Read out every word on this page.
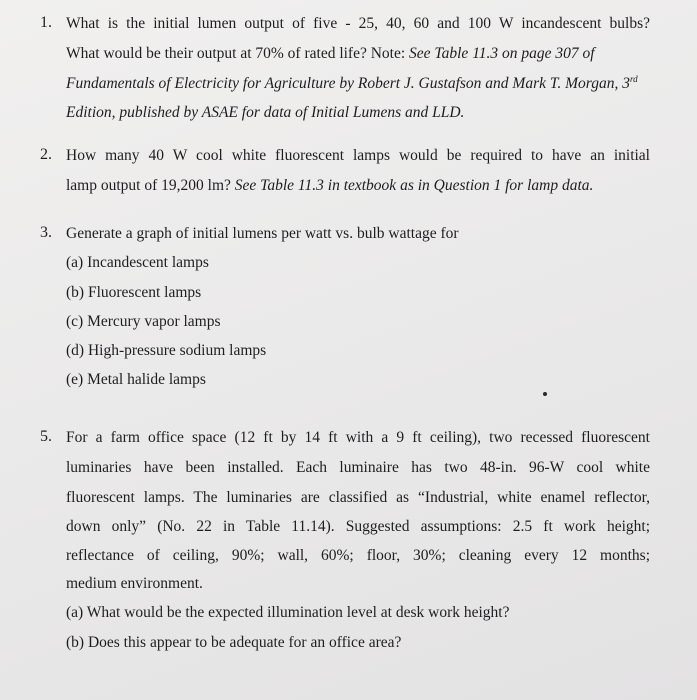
1. What is the initial lumen output of five - 25, 40, 60 and 100 W incandescent bulbs?
What would be their output at 70% of rated life? Note: See Table 11.3 on page 307 of
Fundamentals of Electricity for Agriculture by Robert J. Gustafson and Mark T. Morgan, 3rd
Edition, published by ASAE for data of Initial Lumens and LLD.
2. How many 40 W cool white fluorescent lamps would be required to have an initial
lamp output of 19,200 lm? See Table 11.3 in textbook as in Question 1 for lamp data.
3. Generate a graph of initial lumens per watt vs. bulb wattage for
(a) Incandescent lamps
(b) Fluorescent lamps
(c) Mercury vapor lamps
(d) High-pressure sodium lamps
(e) Metal halide lamps
5. For a farm office space (12 ft by 14 ft with a 9 ft ceiling), two recessed fluorescent
luminaries have been installed. Each luminaire has two 48-in. 96-W cool white
fluorescent lamps. The luminaries are classified as “Industrial, white enamel reflector,
down only” (No. 22 in Table 11.14). Suggested assumptions: 2.5 ft work height;
reflectance of ceiling, 90%; wall, 60%; floor, 30%; cleaning every 12 months;
medium environment.
(a) What would be the expected illumination level at desk work height?
(b) Does this appear to be adequate for an office area?
